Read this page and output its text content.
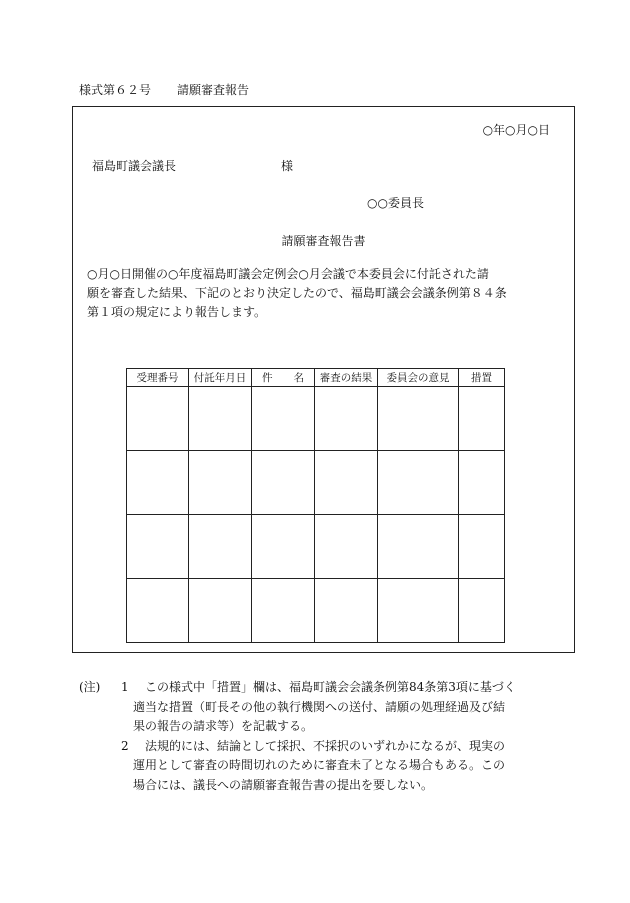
様式第６２号 請願審査報告
○年○月○日
福島町議会議長	様
○○委員長
請願審査報告書
○月○日開催の○年度福島町議会定例会○月会議で本委員会に付託された請
願を審査した結果、下記のとおり決定したので、福島町議会会議条例第８４条
第１項の規定により報告します。
受理番号	付託年月日	件　　名	審査の結果	委員会の意見	措置

(注) 1 この様式中「措置」欄は、福島町議会会議条例第84条第3項に基づく
適当な措置（町長その他の執行機関への送付、請願の処理経過及び結
果の報告の請求等）を記載する。
2 法規的には、結論として採択、不採択のいずれかになるが、現実の
運用として審査の時間切れのために審査未了となる場合もある。この
場合には、議長への請願審査報告書の提出を要しない。
